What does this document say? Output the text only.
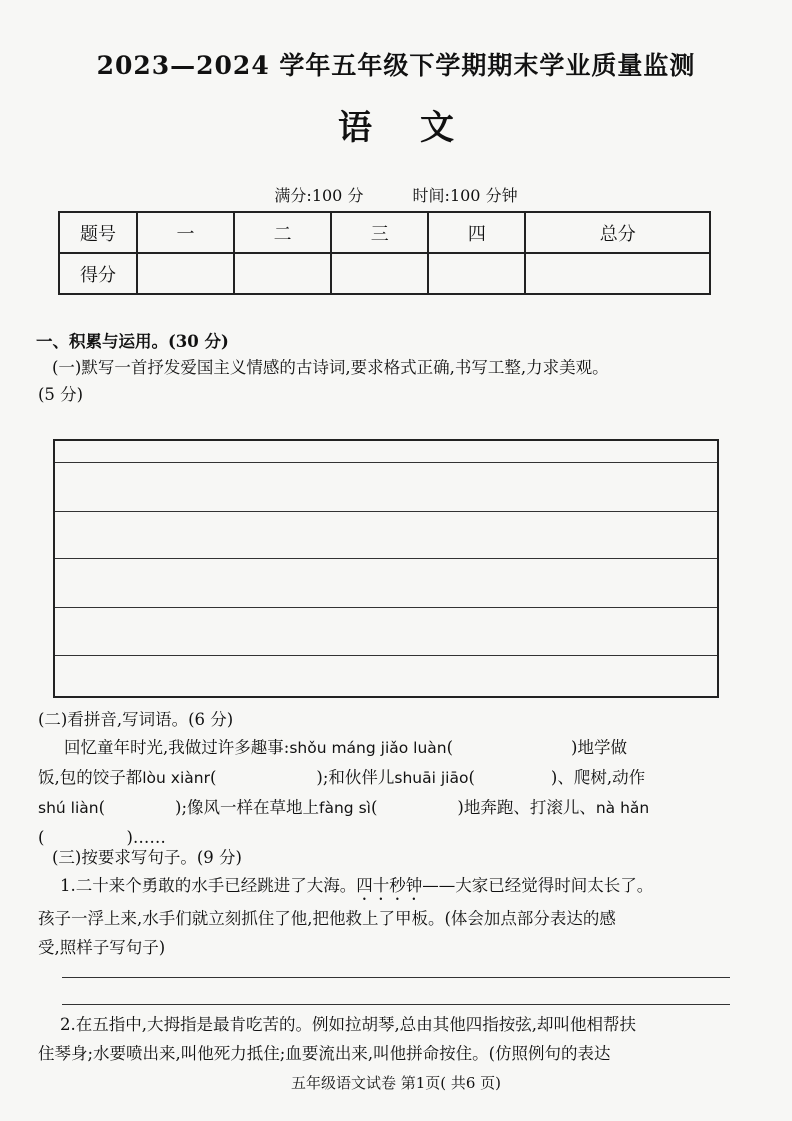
2023—2024 学年五年级下学期期末学业质量监测
语文
满分:100 分	时间:100 分钟
题号	一	二	三	四	总分
得分					
一、积累与运用。(30 分)
(一)默写一首抒发爱国主义情感的古诗词,要求格式正确,书写工整,力求美观。
(5 分)
(二)看拼音,写词语。(6 分)
回忆童年时光,我做过许多趣事:shǒu máng jiǎo luàn(	)地学做
饭,包的饺子都lòu xiànr(	);和伙伴儿shuāi jiāo(	)、爬树,动作
shú liàn(	);像风一样在草地上fàng sì(	)地奔跑、打滚儿、nà hǎn
(	)……
(三)按要求写句子。(9 分)
1.二十来个勇敢的水手已经跳进了大海。四十秒钟——大家已经觉得时间太长了。
孩子一浮上来,水手们就立刻抓住了他,把他救上了甲板。(体会加点部分表达的感
受,照样子写句子)
2.在五指中,大拇指是最肯吃苦的。例如拉胡琴,总由其他四指按弦,却叫他相帮扶
住琴身;水要喷出来,叫他死力抵住;血要流出来,叫他拼命按住。(仿照例句的表达
五年级语文试卷 第1页( 共6 页)
